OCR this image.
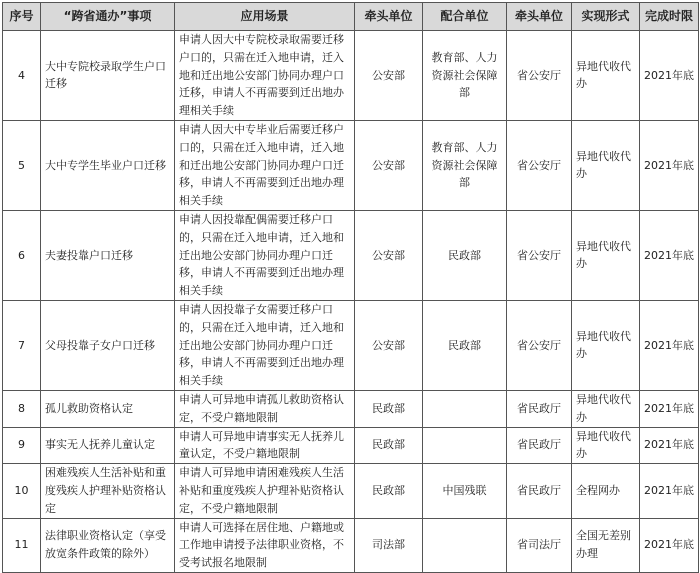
序号	“跨省通办”事项	应用场景	牵头单位	配合单位	牵头单位	实现形式	完成时限
4	大中专院校录取学生户口迁移	申请人因大中专院校录取需要迁移户口的，只需在迁入地申请，迁入地和迁出地公安部门协同办理户口迁移，申请人不再需要到迁出地办理相关手续	公安部	教育部、人力资源社会保障部	省公安厅	异地代收代办	2021年底
5	大中专学生毕业户口迁移	申请人因大中专毕业后需要迁移户口的，只需在迁入地申请，迁入地和迁出地公安部门协同办理户口迁移，申请人不再需要到迁出地办理相关手续	公安部	教育部、人力资源社会保障部	省公安厅	异地代收代办	2021年底
6	夫妻投靠户口迁移	申请人因投靠配偶需要迁移户口的，只需在迁入地申请，迁入地和迁出地公安部门协同办理户口迁移，申请人不再需要到迁出地办理相关手续	公安部	民政部	省公安厅	异地代收代办	2021年底
7	父母投靠子女户口迁移	申请人因投靠子女需要迁移户口的，只需在迁入地申请，迁入地和迁出地公安部门协同办理户口迁移，申请人不再需要到迁出地办理相关手续	公安部	民政部	省公安厅	异地代收代办	2021年底
8	孤儿救助资格认定	申请人可异地申请孤儿救助资格认定，不受户籍地限制	民政部		省民政厅	异地代收代办	2021年底
9	事实无人抚养儿童认定	申请人可异地申请事实无人抚养儿童认定，不受户籍地限制	民政部		省民政厅	异地代收代办	2021年底
10	困难残疾人生活补贴和重度残疾人护理补贴资格认定	申请人可异地申请困难残疾人生活补贴和重度残疾人护理补贴资格认定，不受户籍地限制	民政部	中国残联	省民政厅	全程网办	2021年底
11	法律职业资格认定（享受放宽条件政策的除外）	申请人可选择在居住地、户籍地或工作地申请授予法律职业资格，不受考试报名地限制	司法部		省司法厅	全国无差别办理	2021年底
